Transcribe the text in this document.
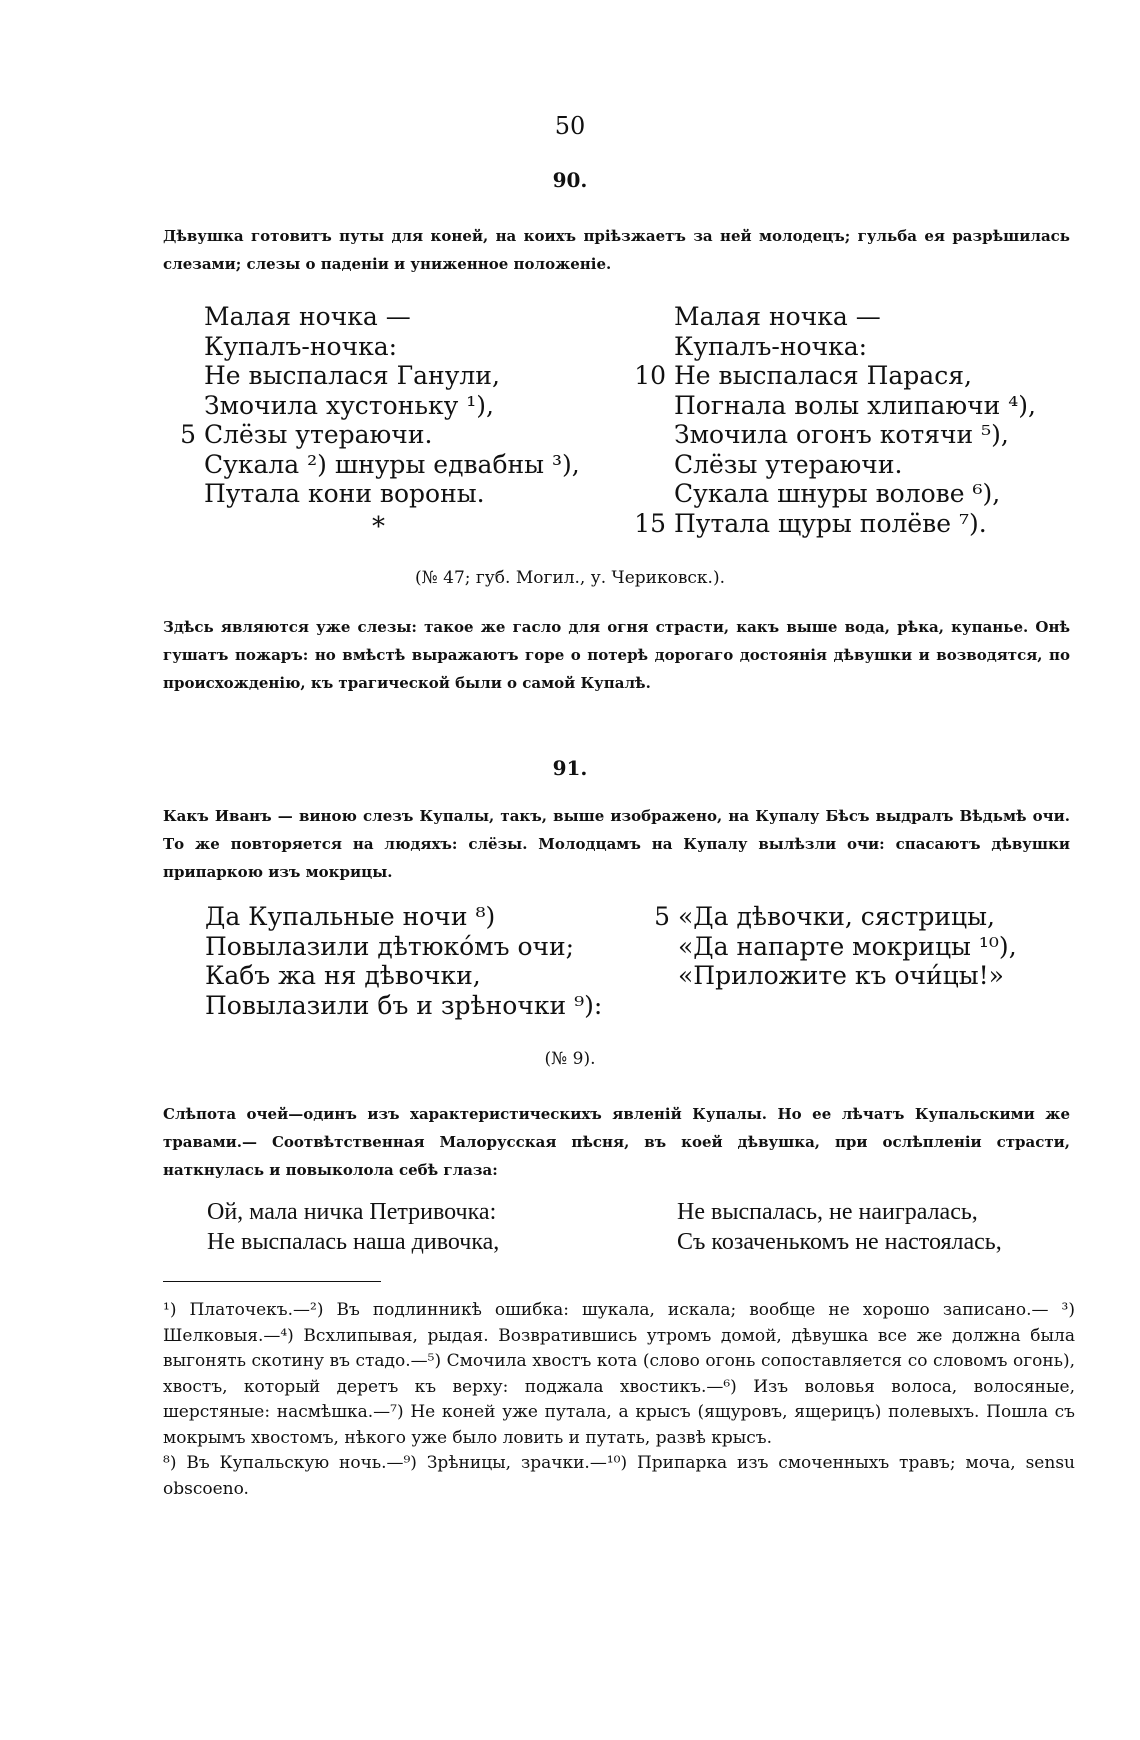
50
90.
Дѣвушка готовитъ путы для коней, на коихъ пріѣзжаетъ за ней молодецъ; гульба ея разрѣшилась слезами; слезы о паденіи и униженное положеніе.
Малая ночка —
Купалъ-ночка:
Не выспалася Ганули,
Змочила хустоньку ¹),
5 Слёзы утераючи.
Сукала ²) шнуры едвабны ³),
Путала кони вороны.
*
Малая ночка —
Купалъ-ночка:
10 Не выспалася Парася,
Погнала волы хлипаючи ⁴),
Змочила огонъ котячи ⁵),
Слёзы утераючи.
Сукала шнуры волове ⁶),
15 Путала щуры полёве ⁷).
(№ 47; губ. Могил., у. Чериковск.).
Здѣсь являются уже слезы: такое же гасло для огня страсти, какъ выше вода, рѣка, купанье. Онѣ гушатъ пожаръ: но вмѣстѣ выражаютъ горе о потерѣ дорогаго достоянія дѣвушки и возводятся, по происхожденію, къ трагической были о самой Купалѣ.
91.
Какъ Иванъ — виною слезъ Купалы, такъ, выше изображено, на Купалу Бѣсъ выдралъ Вѣдьмѣ очи. То же повторяется на людяхъ: слёзы. Молодцамъ на Купалу вылѣзли очи: спасаютъ дѣвушки припаркою изъ мокрицы.
Да Купальные ночи ⁸)
Повылазили дѣтюкóмъ очи;
Кабъ жа ня дѣвочки,
Повылазили бъ и зрѣночки ⁹):
5 «Да дѣвочки, сястрицы,
«Да напарте мокрицы ¹⁰),
«Приложите къ очи́цы!»
(№ 9).
Слѣпота очей—одинъ изъ характеристическихъ явленій Купалы. Но ее лѣчатъ Купальскими же травами.— Соотвѣтственная Малорусская пѣсня, въ коей дѣвушка, при ослѣпленіи страсти, наткнулась и повыколола себѣ глаза:
Ой, мала ничка Петривочка:
Не выспалась наша дивочка,
Не выспалась, не наигралась,
Съ козаченькомъ не настоялась,

¹) Платочекъ.—²) Въ подлинникѣ ошибка: шукала, искала; вообще не хорошо записано.— ³) Шелковыя.—⁴) Всхлипывая, рыдая. Возвратившись утромъ домой, дѣвушка все же должна была выгонять скотину въ стадо.—⁵) Смочила хвостъ кота (слово огонь сопоставляется со словомъ огонь), хвостъ, который деретъ къ верху: поджала хвостикъ.—⁶) Изъ воловья волоса, волосяные, шерстяные: насмѣшка.—⁷) Не коней уже путала, а крысъ (ящуровъ, ящерицъ) полевыхъ. Пошла съ мокрымъ хвостомъ, нѣкого уже было ловить и путать, развѣ крысъ.

⁸) Въ Купальскую ночь.—⁹) Зрѣницы, зрачки.—¹⁰) Припарка изъ смоченныхъ травъ; моча, sensu obscoeno.
